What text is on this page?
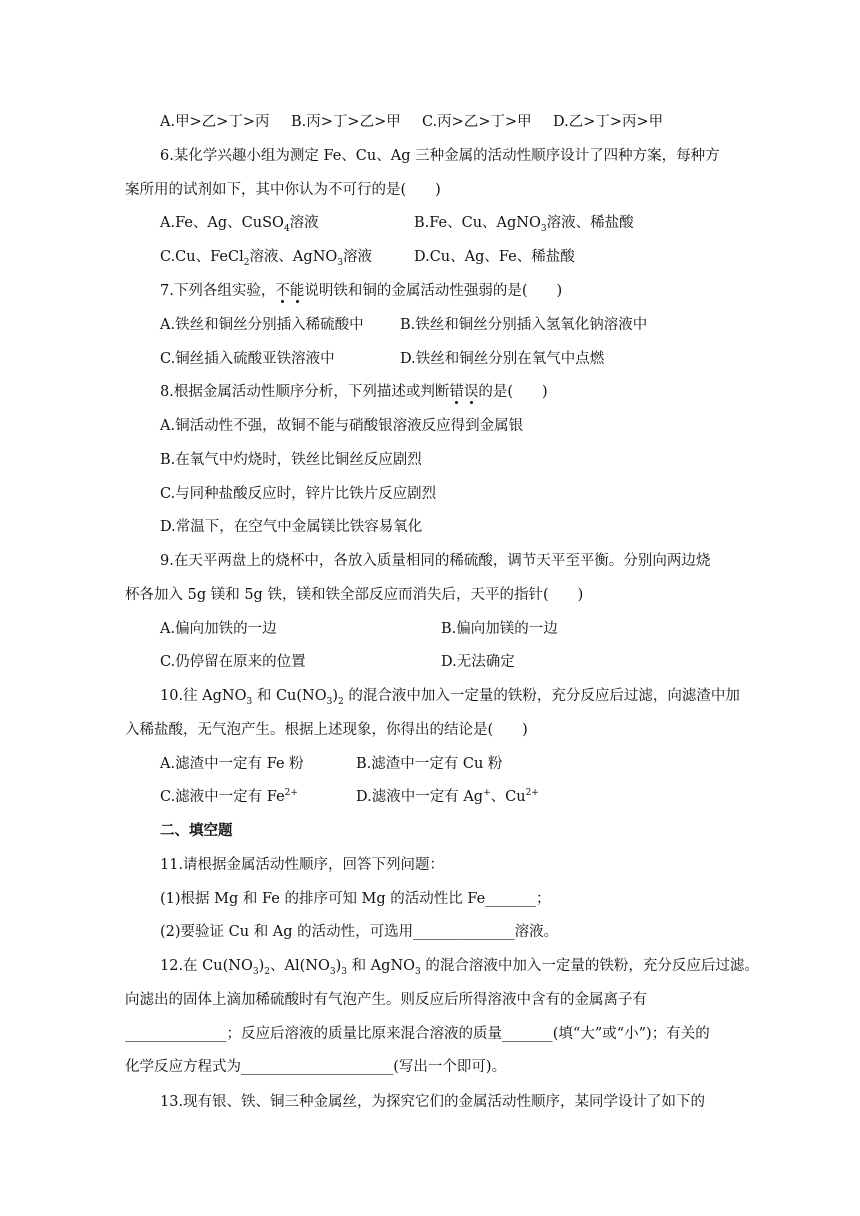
A.甲>乙>丁>丙 B.丙>丁>乙>甲 C.丙>乙>丁>甲 D.乙>丁>丙>甲
6.某化学兴趣小组为测定 Fe、Cu、Ag 三种金属的活动性顺序设计了四种方案，每种方
案所用的试剂如下，其中你认为不可行的是(　　)
A.Fe、Ag、CuSO$_4$溶液	B.Fe、Cu、AgNO$_3$溶液、稀盐酸
C.Cu、FeCl$_2$溶液、AgNO$_3$溶液	D.Cu、Ag、Fe、稀盐酸
7.下列各组实验，不能说明铁和铜的金属活动性强弱的是(　　)
A.铁丝和铜丝分别插入稀硫酸中	B.铁丝和铜丝分别插入氢氧化钠溶液中
C.铜丝插入硫酸亚铁溶液中	D.铁丝和铜丝分别在氧气中点燃
8.根据金属活动性顺序分析，下列描述或判断错误的是(　　)
A.铜活动性不强，故铜不能与硝酸银溶液反应得到金属银
B.在氧气中灼烧时，铁丝比铜丝反应剧烈
C.与同种盐酸反应时，锌片比铁片反应剧烈
D.常温下，在空气中金属镁比铁容易氧化
9.在天平两盘上的烧杯中，各放入质量相同的稀硫酸，调节天平至平衡。分别向两边烧
杯各加入 5g 镁和 5g 铁，镁和铁全部反应而消失后，天平的指针(　　)
A.偏向加铁的一边	B.偏向加镁的一边
C.仍停留在原来的位置	D.无法确定
10.往 AgNO$_3$ 和 $Cu(NO_3)_2$ 的混合液中加入一定量的铁粉，充分反应后过滤，向滤渣中加
入稀盐酸，无气泡产生。根据上述现象，你得出的结论是(　　)
A.滤渣中一定有 Fe 粉	B.滤渣中一定有 Cu 粉
C.滤液中一定有 $Fe^{2+}$	D.滤液中一定有 Ag+、$Cu^{2+}$
二、填空题
11.请根据金属活动性顺序，回答下列问题：
(1)根据 Mg 和 Fe 的排序可知 Mg 的活动性比 Fe_______；
(2)要验证 Cu 和 Ag 的活动性，可选用______________溶液。
12.在 $Cu(NO_3)_2$、$Al(NO_3)_3$ 和 AgNO$_3$ 的混合溶液中加入一定量的铁粉，充分反应后过滤。
向滤出的固体上滴加稀硫酸时有气泡产生。则反应后所得溶液中含有的金属离子有
______________；反应后溶液的质量比原来混合溶液的质量_______(填“大”或“小”)；有关的
化学反应方程式为_____________________(写出一个即可)。
13.现有银、铁、铜三种金属丝，为探究它们的金属活动性顺序，某同学设计了如下的
